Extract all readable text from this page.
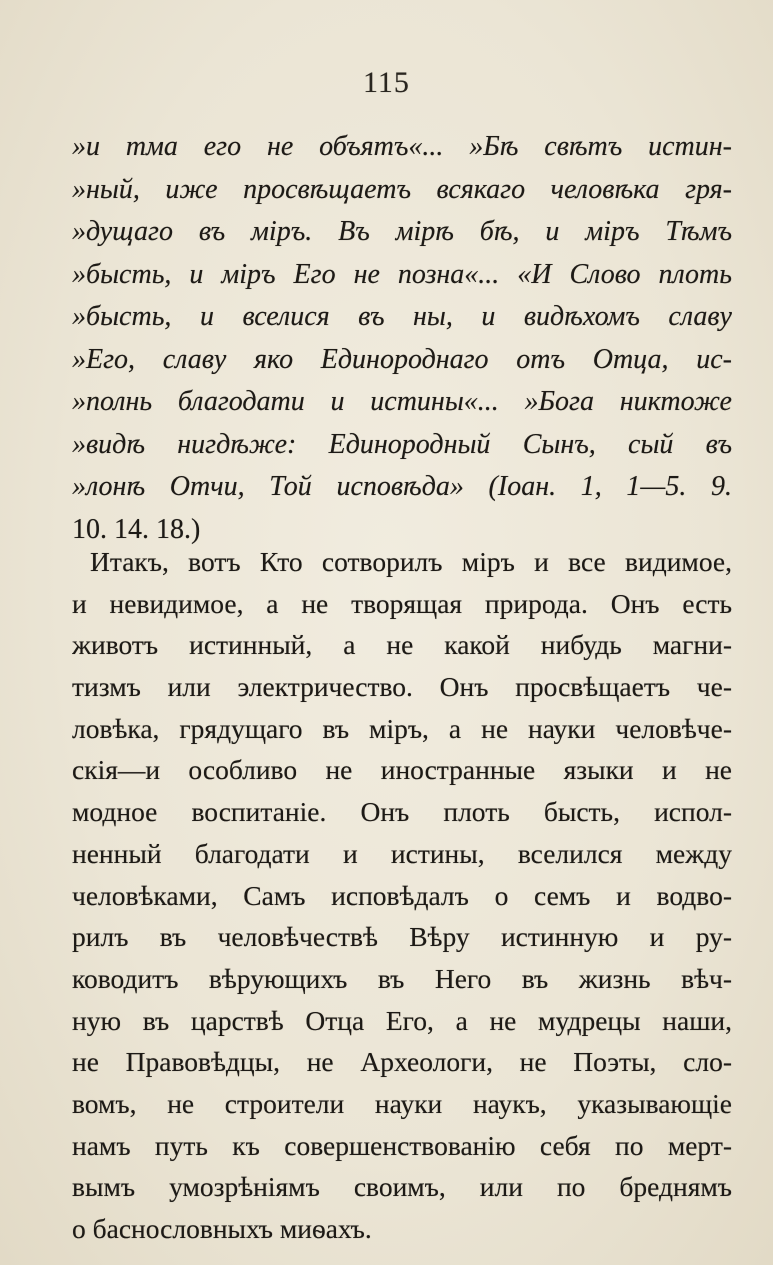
115
»и тма его не объятъ«... »Бѣ свѣтъ истин-
»ный, иже просвѣщаетъ всякаго человѣка гря-
»дущаго въ міръ. Въ мірѣ бѣ, и міръ Тѣмъ
»бысть, и міръ Его не позна«... «И Слово плоть
»бысть, и вселися въ ны, и видѣхомъ славу
»Его, славу яко Единороднаго отъ Отца, ис-
»полнь благодати и истины«... »Бога никтоже
»видѣ нигдѣже: Единородный Сынъ, сый въ
»лонѣ Отчи, Той исповѣда» (Іоан. 1, 1—5. 9.
10. 14. 18.)
Итакъ, вотъ Кто сотворилъ міръ и все видимое,
и невидимое, а не творящая природа. Онъ есть
животъ истинный, а не какой нибудь магни-
тизмъ или электричество. Онъ просвѣщаетъ че-
ловѣка, грядущаго въ міръ, а не науки человѣче-
скія—и особливо не иностранные языки и не
модное воспитаніе. Онъ плоть бысть, испол-
ненный благодати и истины, вселился между
человѣками, Самъ исповѣдалъ о семъ и водво-
рилъ въ человѣчествѣ Вѣру истинную и ру-
ководитъ вѣрующихъ въ Него въ жизнь вѣч-
ную въ царствѣ Отца Его, а не мудрецы наши,
не Правовѣдцы, не Археологи, не Поэты, сло-
вомъ, не строители науки наукъ, указывающіе
намъ путь къ совершенствованію себя по мерт-
вымъ умозрѣніямъ своимъ, или по бреднямъ
о баснословныхъ миѳахъ.
